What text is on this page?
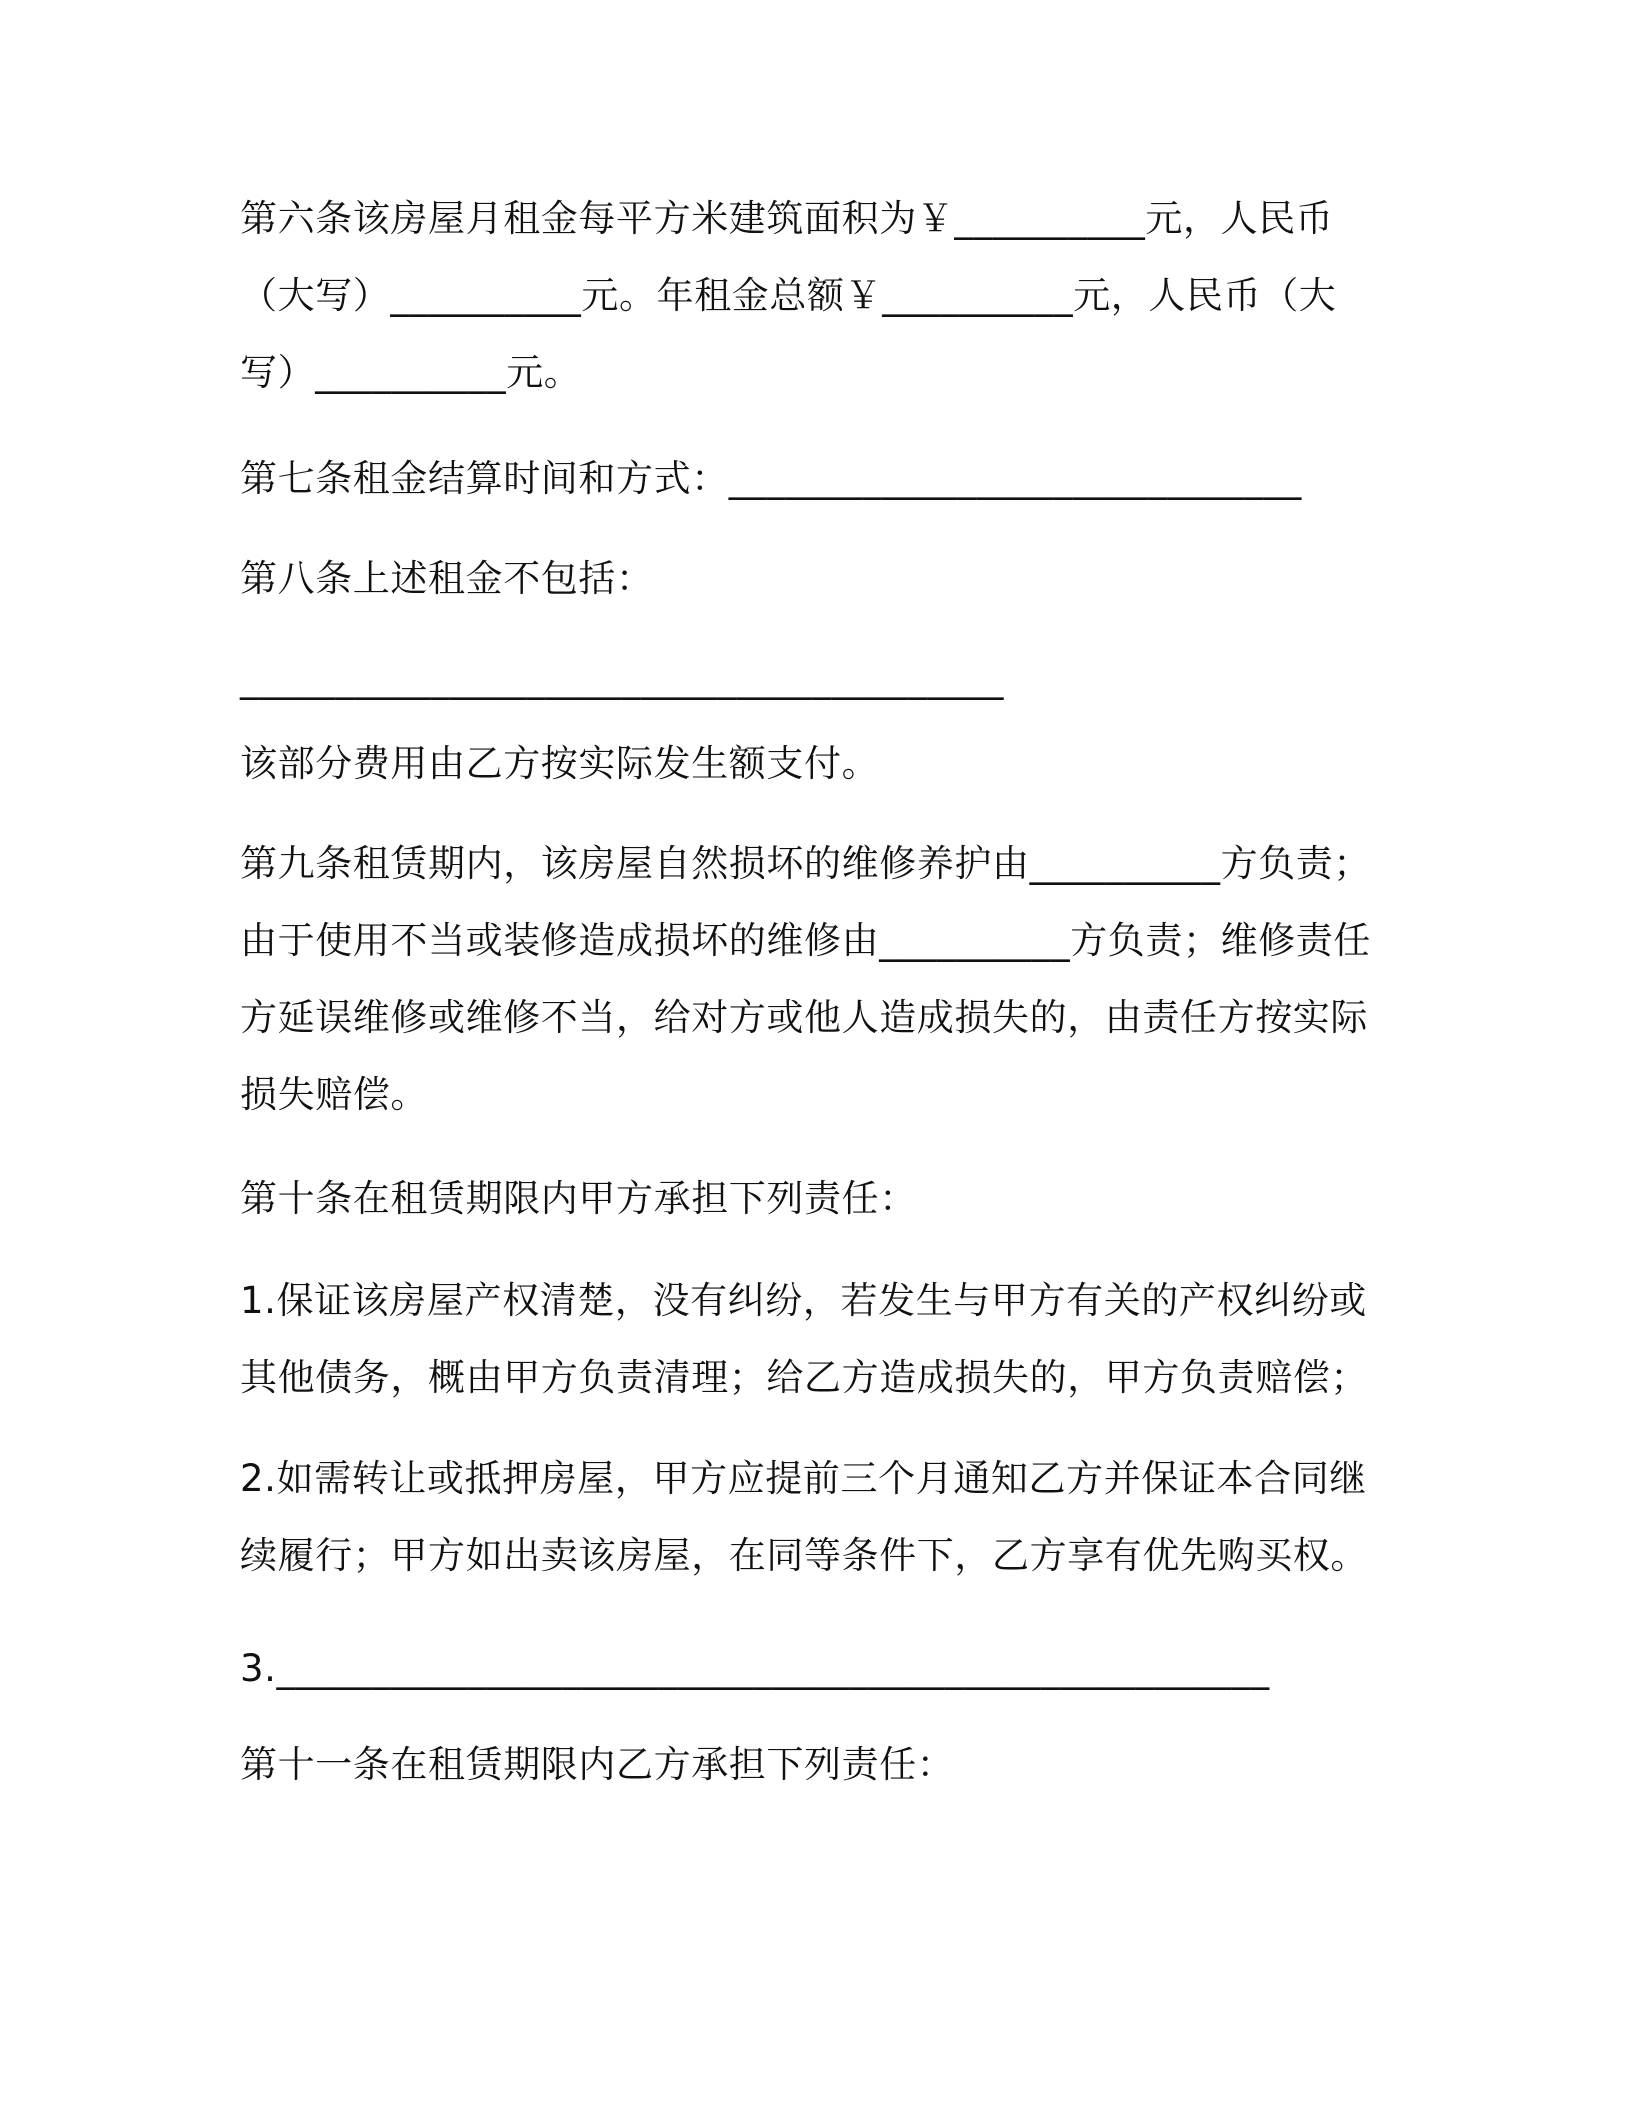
第六条该房屋月租金每平方米建筑面积为￥__________元，人民币
（大写）__________元。年租金总额￥__________元，人民币（大
写）__________元。
第七条租金结算时间和方式：______________________________
第八条上述租金不包括：
________________________________________
该部分费用由乙方按实际发生额支付。
第九条租赁期内，该房屋自然损坏的维修养护由__________方负责；
由于使用不当或装修造成损坏的维修由__________方负责；维修责任
方延误维修或维修不当，给对方或他人造成损失的，由责任方按实际
损失赔偿。
第十条在租赁期限内甲方承担下列责任：
1.保证该房屋产权清楚，没有纠纷，若发生与甲方有关的产权纠纷或
其他债务，概由甲方负责清理；给乙方造成损失的，甲方负责赔偿；
2.如需转让或抵押房屋，甲方应提前三个月通知乙方并保证本合同继
续履行；甲方如出卖该房屋，在同等条件下，乙方享有优先购买权。
3.____________________________________________________
第十一条在租赁期限内乙方承担下列责任：
